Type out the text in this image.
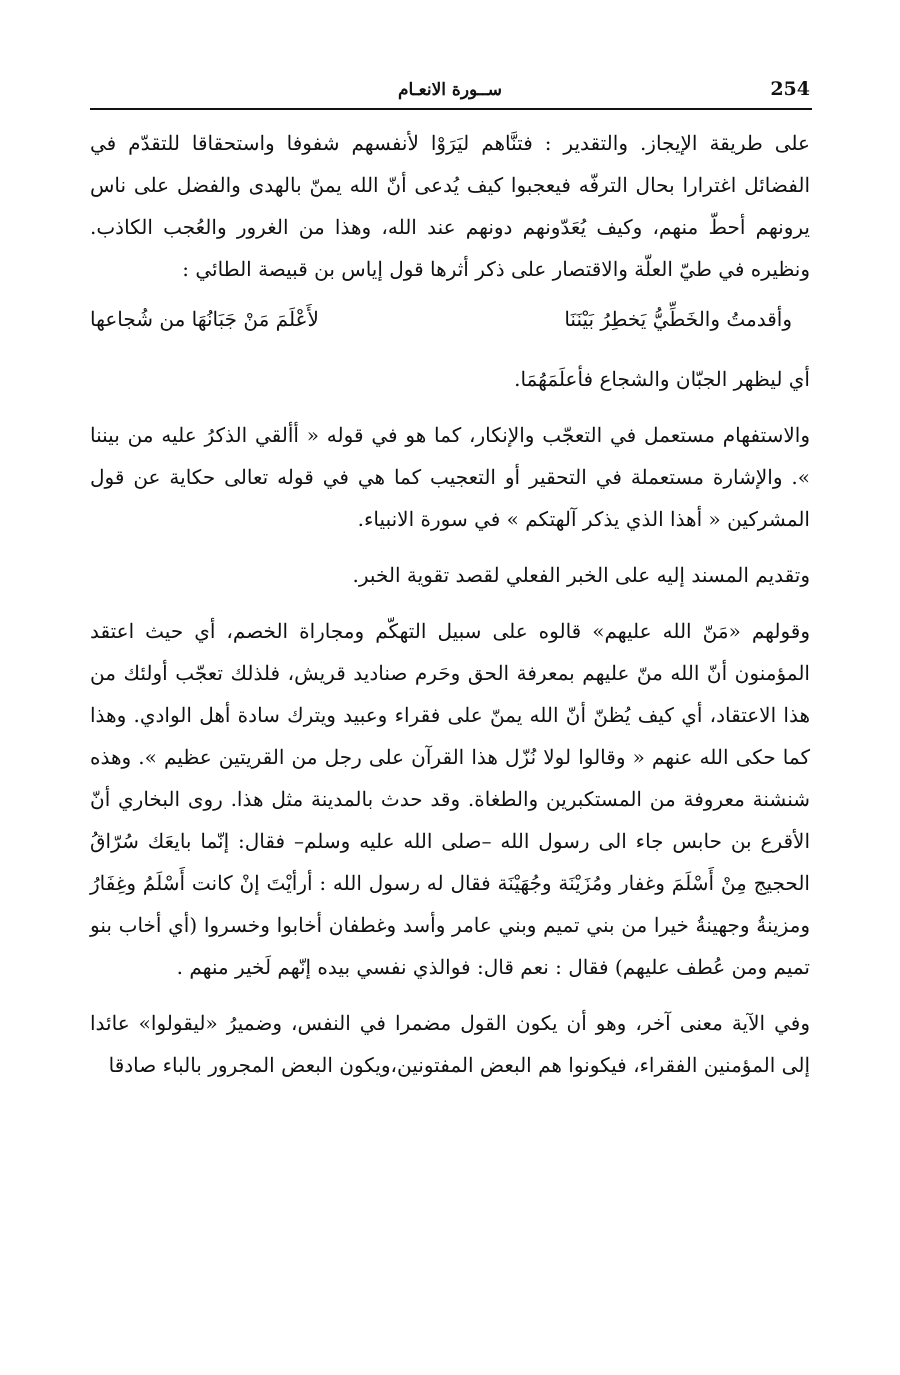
254
ســورة الانعـام

على طريقة الإيجاز. والتقدير : فتنَّاهم ليَرَوْا لأنفسهم شفوفا واستحقاقا للتقدّم في الفضائل اغترارا بحال الترفّه فيعجبوا كيف يُدعى أنّ الله يمنّ بالهدى والفضل على ناس يرونهم أحطّ منهم، وكيف يُعَدّونهم دونهم عند الله، وهذا من الغرور والعُجب الكاذب. ونظيره في طيّ العلّة والاقتصار على ذكر أثرها قول إياس بن قبيصة الطائي :

وأقدمتُ والخَطِّيُّ يَخطِرُ بَيْنَنَا
لأَعْلَمَ مَنْ جَبَانُهَا من شُجاعها

أي ليظهر الجبّان والشجاع فأعلَمَهُمَا.

والاستفهام مستعمل في التعجّب والإنكار، كما هو في قوله « أألقي الذكرُ عليه من بيننا ». والإشارة مستعملة في التحقير أو التعجيب كما هي في قوله تعالى حكاية عن قول المشركين « أهذا الذي يذكر آلهتكم » في سورة الانبياء.

وتقديم المسند إليه على الخبر الفعلي لقصد تقوية الخبر.

وقولهم «مَنّ الله عليهم» قالوه على سبيل التهكّم ومجاراة الخصم، أي حيث اعتقد المؤمنون أنّ الله منّ عليهم بمعرفة الحق وحَرم صناديد قريش، فلذلك تعجّب أولئك من هذا الاعتقاد، أي كيف يُظنّ أنّ الله يمنّ على فقراء وعبيد ويترك سادة أهل الوادي. وهذا كما حكى الله عنهم « وقالوا لولا نُزّل هذا القرآن على رجل من القريتين عظيم ». وهذه شنشنة معروفة من المستكبرين والطغاة. وقد حدث بالمدينة مثل هذا. روى البخاري أنّ الأقرع بن حابس جاء الى رسول الله –صلى الله عليه وسلم– فقال: إنّما بايعَك سُرّاقُ الحجيج مِنْ أَسْلَمَ وغفار ومُزَيْنَة وجُهَيْنَة فقال له رسول الله : أرأيْتَ إنْ كانت أَسْلَمُ وغِفَارُ ومزينةُ وجهينةُ خيرا من بني تميم وبني عامر وأسد وغطفان أخابوا وخسروا (أي أخاب بنو تميم ومن عُطف عليهم) فقال : نعم قال: فوالذي نفسي بيده إنّهم لَخير منهم .

وفي الآية معنى آخر، وهو أن يكون القول مضمرا في النفس، وضميرُ «ليقولوا» عائدا إلى المؤمنين الفقراء، فيكونوا هم البعض المفتونين،ويكون البعض المجرور بالباء صادقا
